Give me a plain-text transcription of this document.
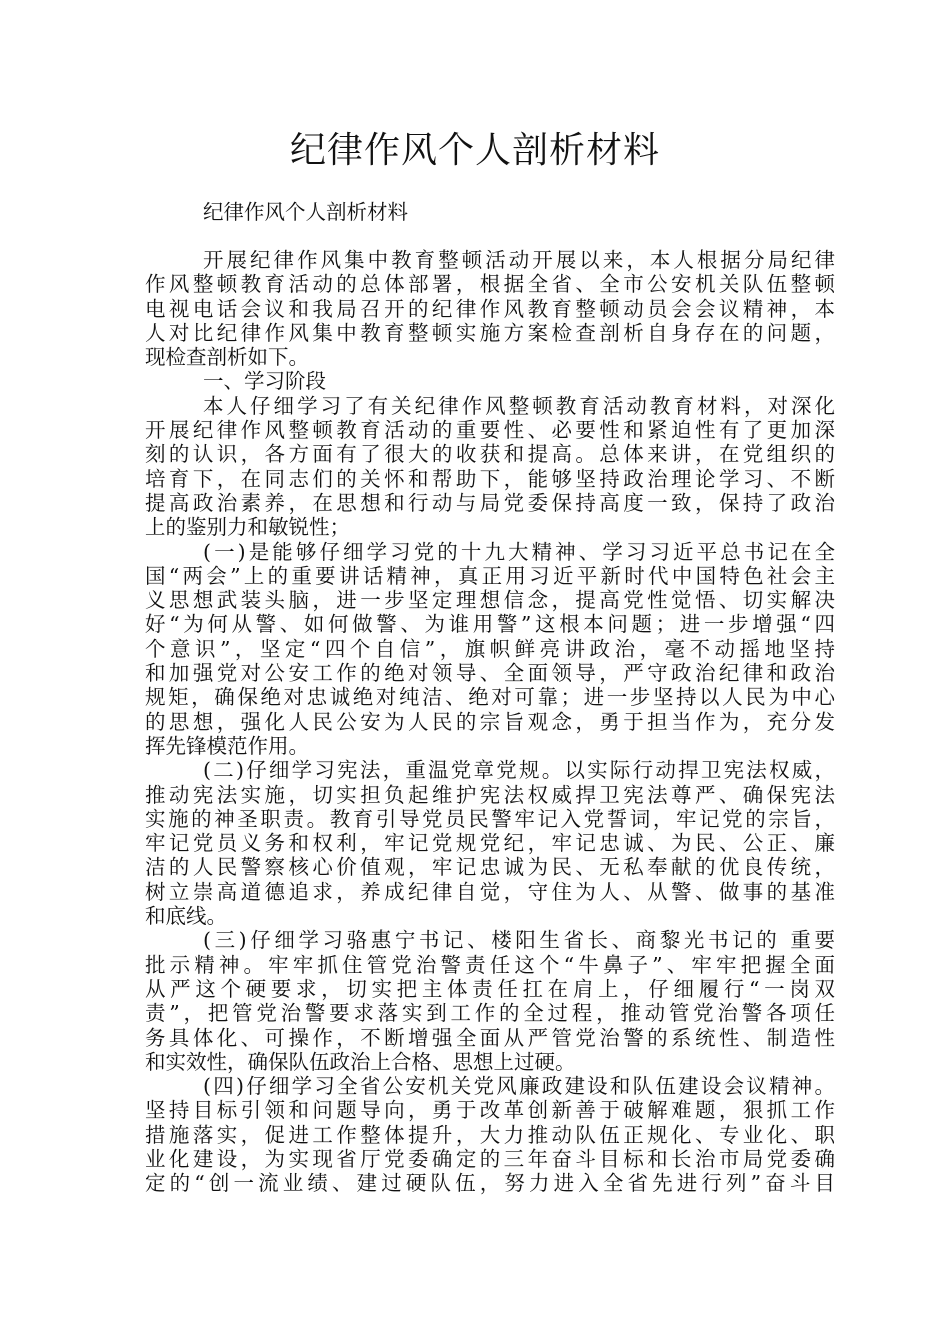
纪律作风个人剖析材料

纪律作风个人剖析材料

开展纪律作风集中教育整顿活动开展以来，本人根据分局纪律
作风整顿教育活动的总体部署，根据全省、全市公安机关队伍整顿
电视电话会议和我局召开的纪律作风教育整顿动员会会议精神，本
人对比纪律作风集中教育整顿实施方案检查剖析自身存在的问题，
现检查剖析如下。
一、学习阶段
本人仔细学习了有关纪律作风整顿教育活动教育材料，对深化
开展纪律作风整顿教育活动的重要性、必要性和紧迫性有了更加深
刻的认识，各方面有了很大的收获和提高。总体来讲，在党组织的
培育下，在同志们的关怀和帮助下，能够坚持政治理论学习、不断
提高政治素养，在思想和行动与局党委保持高度一致，保持了政治
上的鉴别力和敏锐性；
(一)是能够仔细学习党的十九大精神、学习习近平总书记在全
国“两会”上的重要讲话精神，真正用习近平新时代中国特色社会主
义思想武装头脑，进一步坚定理想信念，提高党性觉悟、切实解决
好“为何从警、如何做警、为谁用警”这根本问题；进一步增强“四
个意识”，坚定“四个自信”，旗帜鲜亮讲政治，毫不动摇地坚持
和加强党对公安工作的绝对领导、全面领导，严守政治纪律和政治
规矩，确保绝对忠诚绝对纯洁、绝对可靠；进一步坚持以人民为中心
的思想，强化人民公安为人民的宗旨观念，勇于担当作为，充分发
挥先锋模范作用。
(二)仔细学习宪法，重温党章党规。以实际行动捍卫宪法权威，
推动宪法实施，切实担负起维护宪法权威捍卫宪法尊严、确保宪法
实施的神圣职责。教育引导党员民警牢记入党誓词，牢记党的宗旨，
牢记党员义务和权利，牢记党规党纪，牢记忠诚、为民、公正、廉
洁的人民警察核心价值观，牢记忠诚为民、无私奉献的优良传统，
树立崇高道德追求，养成纪律自觉，守住为人、从警、做事的基准
和底线。
(三)仔细学习骆惠宁书记、楼阳生省长、商黎光书记的 重要
批示精神。牢牢抓住管党治警责任这个“牛鼻子”、牢牢把握全面
从严这个硬要求，切实把主体责任扛在肩上，仔细履行“一岗双
责”，把管党治警要求落实到工作的全过程，推动管党治警各项任
务具体化、可操作，不断增强全面从严管党治警的系统性、制造性
和实效性，确保队伍政治上合格、思想上过硬。
(四)仔细学习全省公安机关党风廉政建设和队伍建设会议精神。
坚持目标引领和问题导向，勇于改革创新善于破解难题，狠抓工作
措施落实，促进工作整体提升，大力推动队伍正规化、专业化、职
业化建设，为实现省厅党委确定的三年奋斗目标和长治市局党委确
定的“创一流业绩、建过硬队伍，努力进入全省先进行列”奋斗目
